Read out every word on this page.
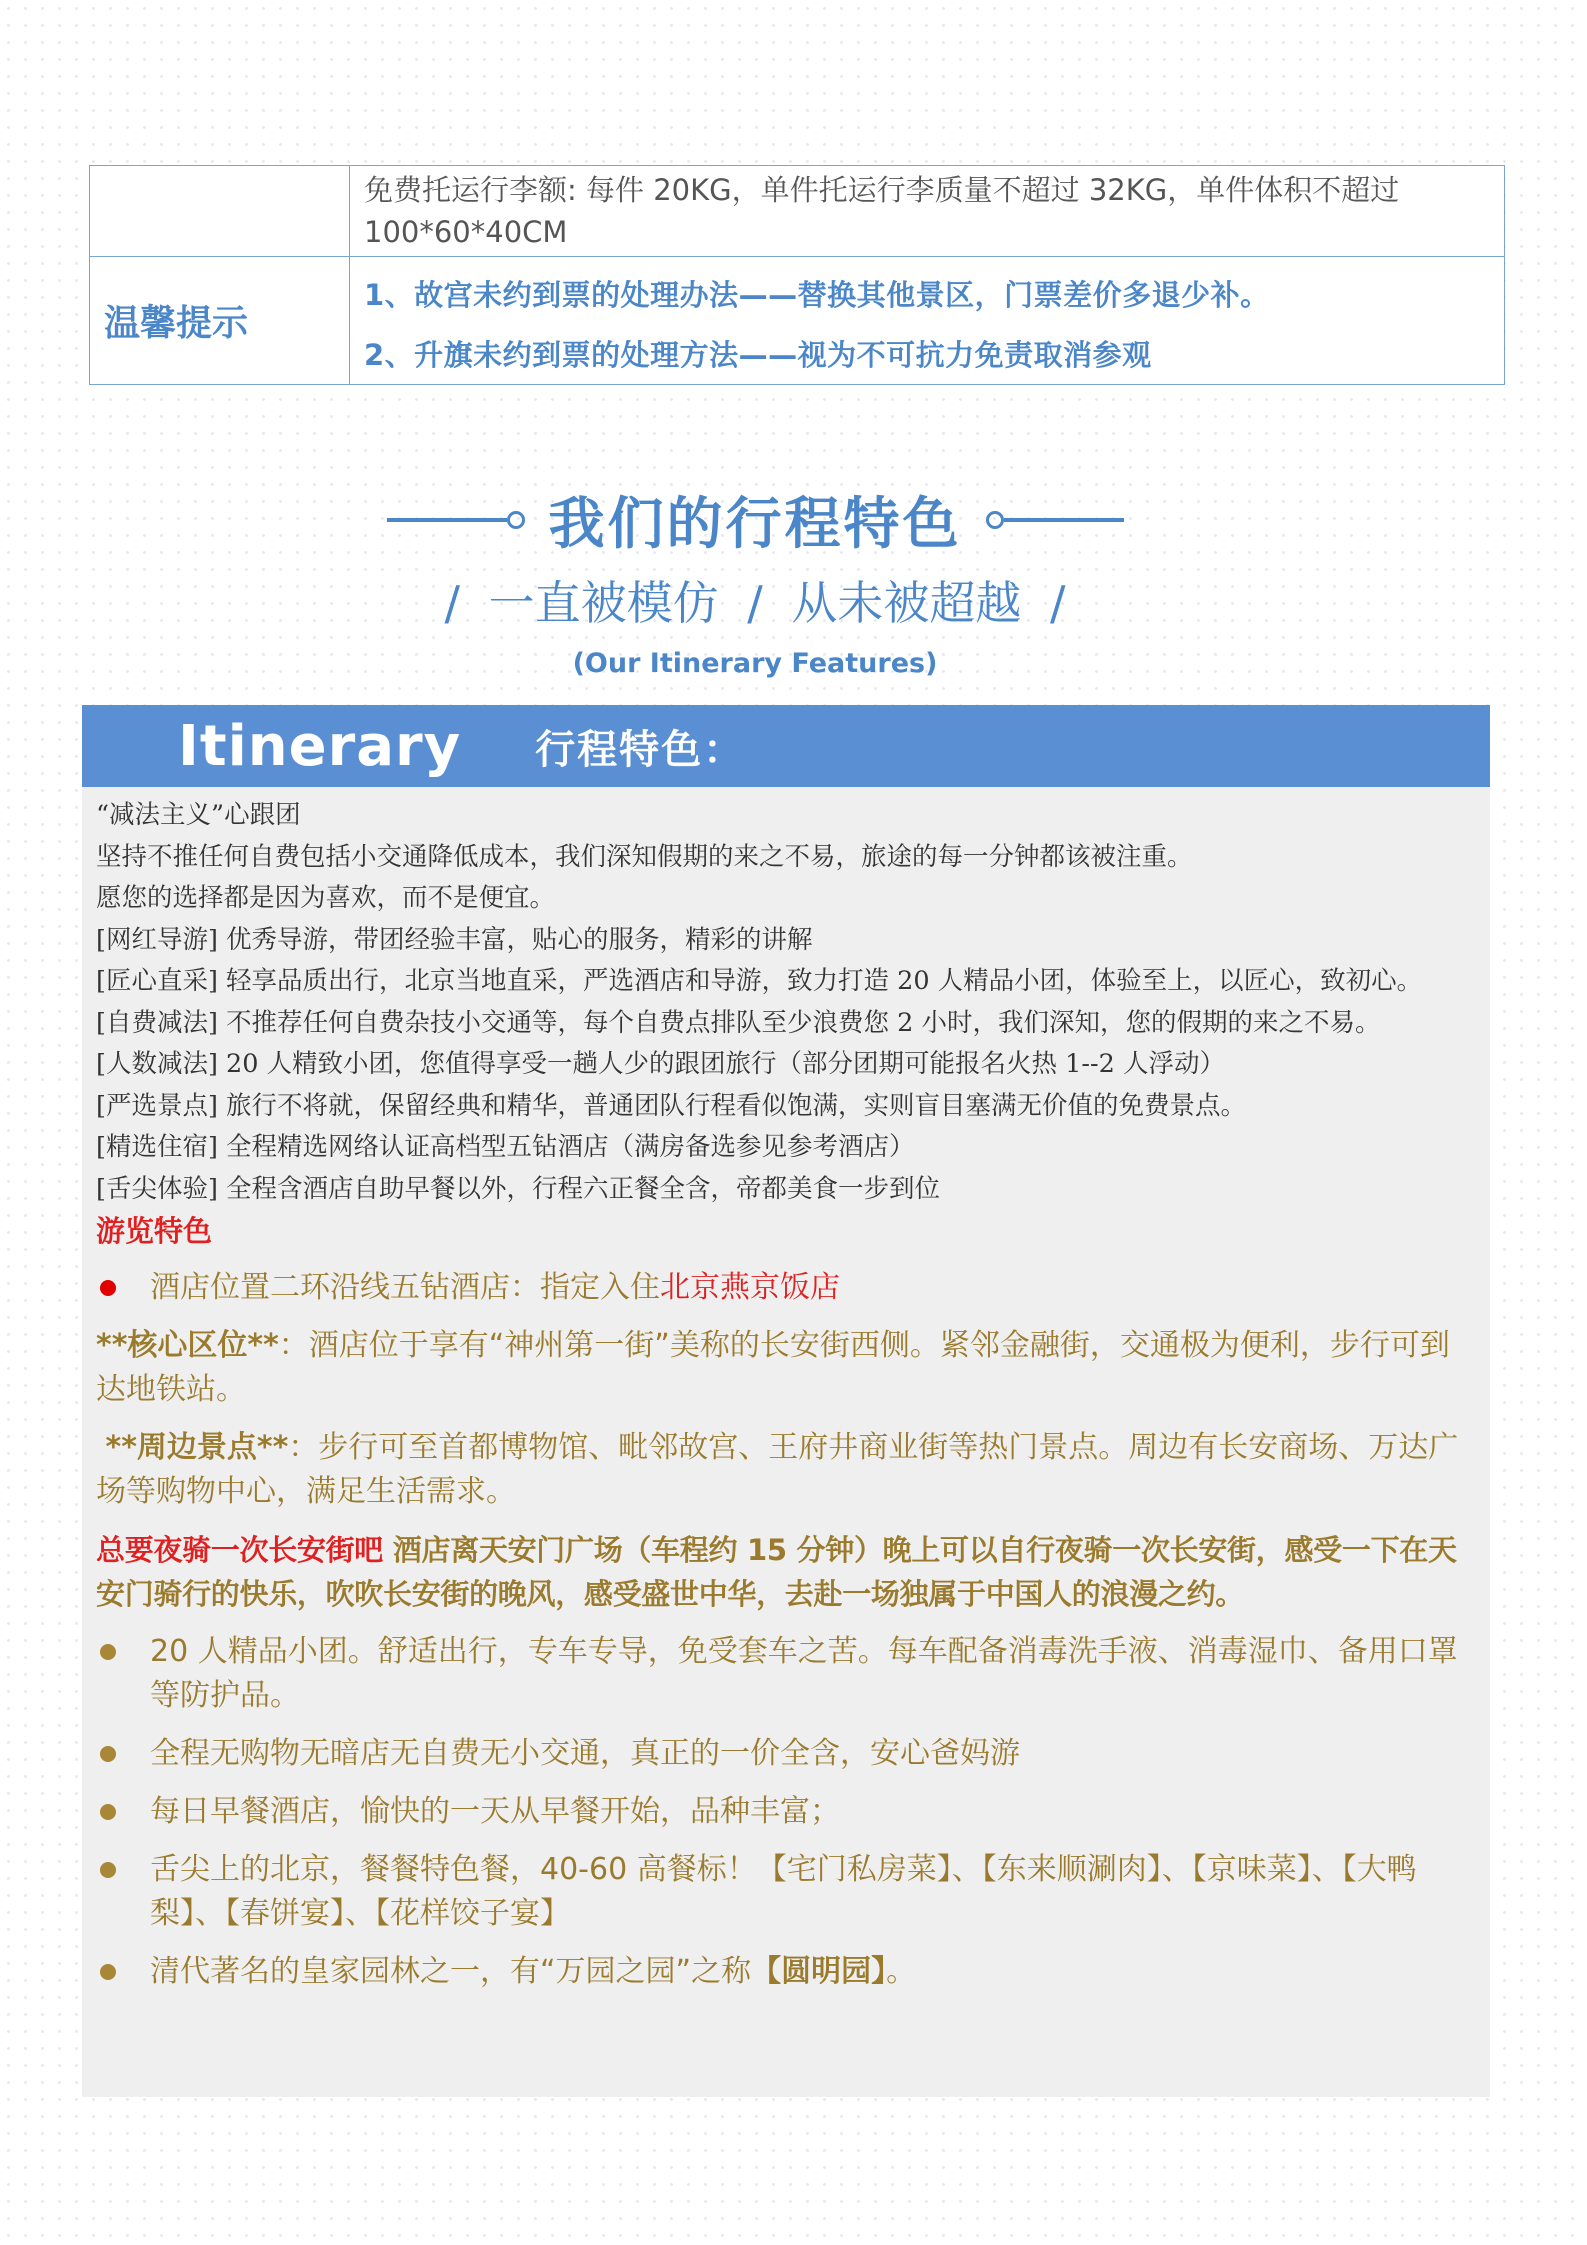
免费托运行李额: 每件 20KG，单件托运行李质量不超过 32KG，单件体积不超过 100*60*40CM
温馨提示
1、故宫未约到票的处理办法——替换其他景区，门票差价多退少补。
2、升旗未约到票的处理方法——视为不可抗力免责取消参观
我们的行程特色
/ 一直被模仿 / 从未被超越 /
(Our Itinerary Features)
Itinerary 行程特色：
“减法主义”心跟团
坚持不推任何自费包括小交通降低成本，我们深知假期的来之不易，旅途的每一分钟都该被注重。
愿您的选择都是因为喜欢，而不是便宜。
[网红导游] 优秀导游，带团经验丰富，贴心的服务，精彩的讲解
[匠心直采] 轻享品质出行，北京当地直采，严选酒店和导游，致力打造 20 人精品小团，体验至上，以匠心，致初心。
[自费减法] 不推荐任何自费杂技小交通等，每个自费点排队至少浪费您 2 小时，我们深知，您的假期的来之不易。
[人数减法] 20 人精致小团，您值得享受一趟人少的跟团旅行（部分团期可能报名火热 1--2 人浮动）
[严选景点] 旅行不将就，保留经典和精华，普通团队行程看似饱满，实则盲目塞满无价值的免费景点。
[精选住宿] 全程精选网络认证高档型五钻酒店（满房备选参见参考酒店）
[舌尖体验] 全程含酒店自助早餐以外，行程六正餐全含，帝都美食一步到位
游览特色
酒店位置二环沿线五钻酒店：指定入住北京燕京饭店
**核心区位**：酒店位于享有“神州第一街”美称的长安街西侧。紧邻金融街，交通极为便利，步行可到达地铁站。
**周边景点**：步行可至首都博物馆、毗邻故宫、王府井商业街等热门景点。周边有长安商场、万达广场等购物中心，满足生活需求。
总要夜骑一次长安街吧 酒店离天安门广场（车程约 15 分钟）晚上可以自行夜骑一次长安街，感受一下在天安门骑行的快乐，吹吹长安街的晚风，感受盛世中华，去赴一场独属于中国人的浪漫之约。
20 人精品小团。舒适出行，专车专导，免受套车之苦。每车配备消毒洗手液、消毒湿巾、备用口罩等防护品。
全程无购物无暗店无自费无小交通，真正的一价全含，安心爸妈游
每日早餐酒店，愉快的一天从早餐开始，品种丰富；
舌尖上的北京，餐餐特色餐，40-60 高餐标！【宅门私房菜】、【东来顺涮肉】、【京味菜】、【大鸭梨】、【春饼宴】、【花样饺子宴】
清代著名的皇家园林之一，有“万园之园”之称【圆明园】。
